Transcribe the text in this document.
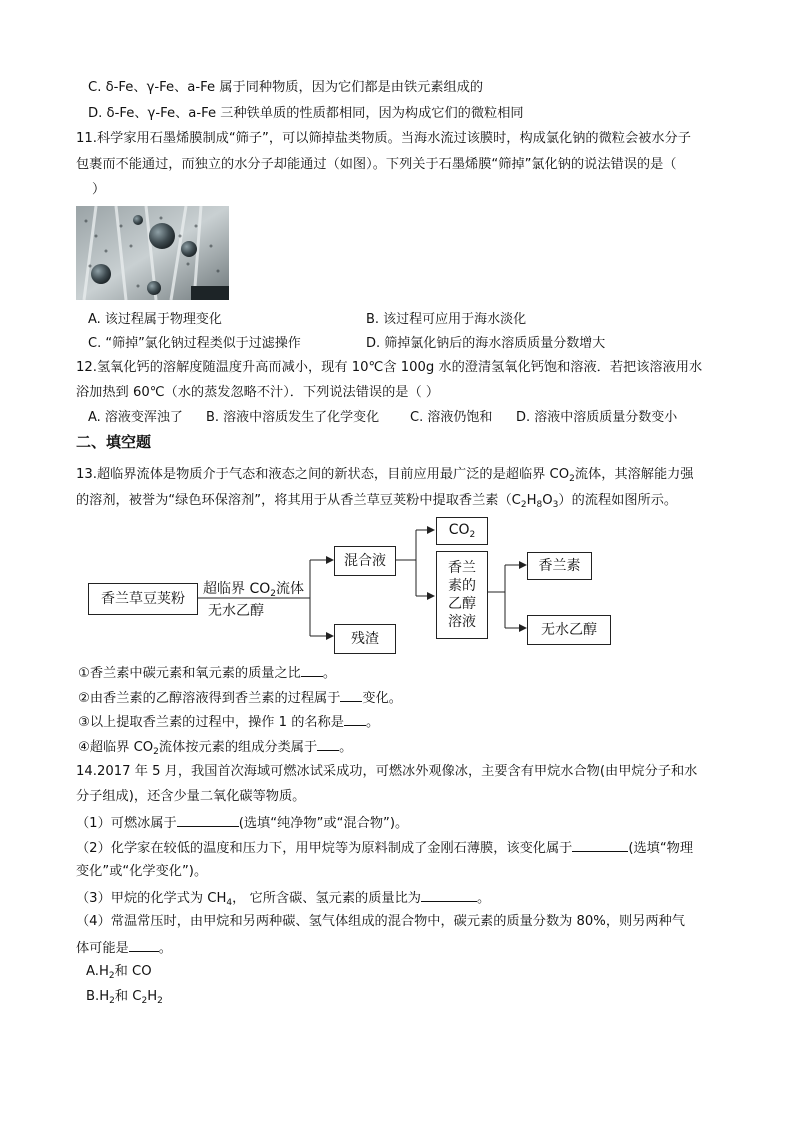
C. δ-Fe、γ-Fe、a-Fe 属于同种物质，因为它们都是由铁元素组成的
D. δ-Fe、γ-Fe、a-Fe 三种铁单质的性质都相同，因为构成它们的微粒相同
11.科学家用石墨烯膜制成“筛子”，可以筛掉盐类物质。当海水流过该膜时，构成氯化钠的微粒会被水分子
包裹而不能通过，而独立的水分子却能通过（如图）。下列关于石墨烯膜“筛掉”氯化钠的说法错误的是（
）
A. 该过程属于物理变化	B. 该过程可应用于海水淡化
C. “筛掉”氯化钠过程类似于过滤操作	D. 筛掉氯化钠后的海水溶质质量分数增大
12.氢氧化钙的溶解度随温度升高而减小，现有 10℃含 100g 水的澄清氢氧化钙饱和溶液．若把该溶液用水
浴加热到 60℃（水的蒸发忽略不汁）．下列说法错误的是（ ）
A. 溶液变浑浊了 B. 溶液中溶质发生了化学变化 C. 溶液仍饱和 D. 溶液中溶质质量分数变小
二、填空题
13.超临界流体是物质介于气态和液态之间的新状态，目前应用最广泛的是超临界 $CO_2$流体，其溶解能力强
的溶剂，被誉为“绿色环保溶剂”，将其用于从香兰草豆荚粉中提取香兰素$(C_2H_8O_3)$的流程如图所示。
香兰草豆荚粉
超临界 $CO_2$流体
无水乙醇
混合液
残渣
$CO_2$
香兰
素的
乙醇
溶液
香兰素
无水乙醇
①香兰素中碳元素和氧元素的质量之比 。
②由香兰素的乙醇溶液得到香兰素的过程属于 变化。
③以上提取香兰素的过程中，操作 1 的名称是 。
④超临界 $CO_2$流体按元素的组成分类属于 。
14.2017 年 5 月，我国首次海域可燃冰试采成功，可燃冰外观像冰，主要含有甲烷水合物(由甲烷分子和水
分子组成)，还含少量二氧化碳等物质。
（1）可燃冰属于	(选填“纯净物”或“混合物”)。
（2）化学家在较低的温度和压力下，用甲烷等为原料制成了金刚石薄膜，该变化属于	(选填“物理
变化”或“化学变化”)。
（3）甲烷的化学式为 $CH_4$， 它所含碳、氢元素的质量比为	。
（4）常温常压时，由甲烷和另两种碳、氢气体组成的混合物中，碳元素的质量分数为 80%，则另两种气
体可能是 。
$A.H_2$和 CO
$B.H_2$和 $C_2H_2$
